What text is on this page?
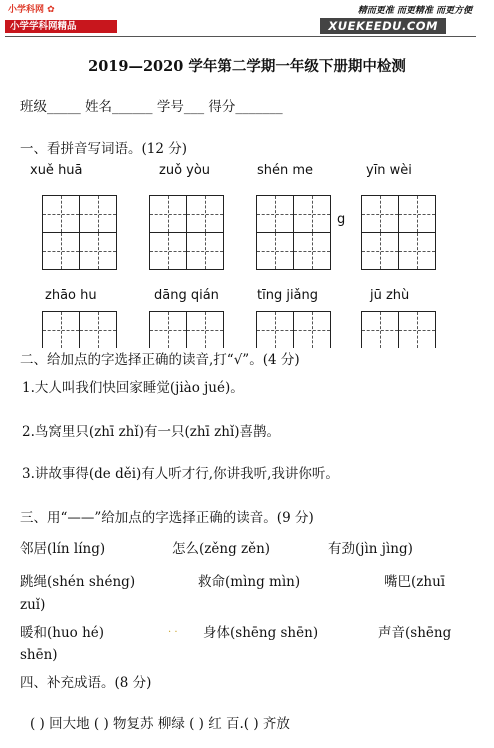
小学科网 ✿
小学学科网精品
精而更准 而更精准 而更方便
XUEKEEDU.COM
2019—2020 学年第二学期一年级下册期中检测
班级_____ 姓名______ 学号___ 得分_______
一、看拼音写词语。(12 分)
xuě huā	zuǒ yòu	shén me	yīn wèi
g
zhāo hu	dāng qián	tīng jiǎng	jū zhù
二、给加点的字选择正确的读音,打“√”。(4 分)
1.大人叫我们快回家睡觉(jiào jué)。
2.鸟窝里只(zhī zhǐ)有一只(zhī zhǐ)喜鹊。
3.讲故事得(de děi)有人听才行,你讲我听,我讲你听。
三、用“——”给加点的字选择正确的读音。(9 分)
邻居(lín líng)	怎么(zěng zěn)	有劲(jìn jìng)
跳绳(shén shéng)	救命(mìng mìn)	嘴巴(zhuī
zuǐ)
暖和(huo hé)	. . 身体(shēng shēn)	声音(shēng
shēn)
四、补充成语。(8 分)
( ) 回大地 ( ) 物复苏 柳绿 ( ) 红 百.( ) 齐放
